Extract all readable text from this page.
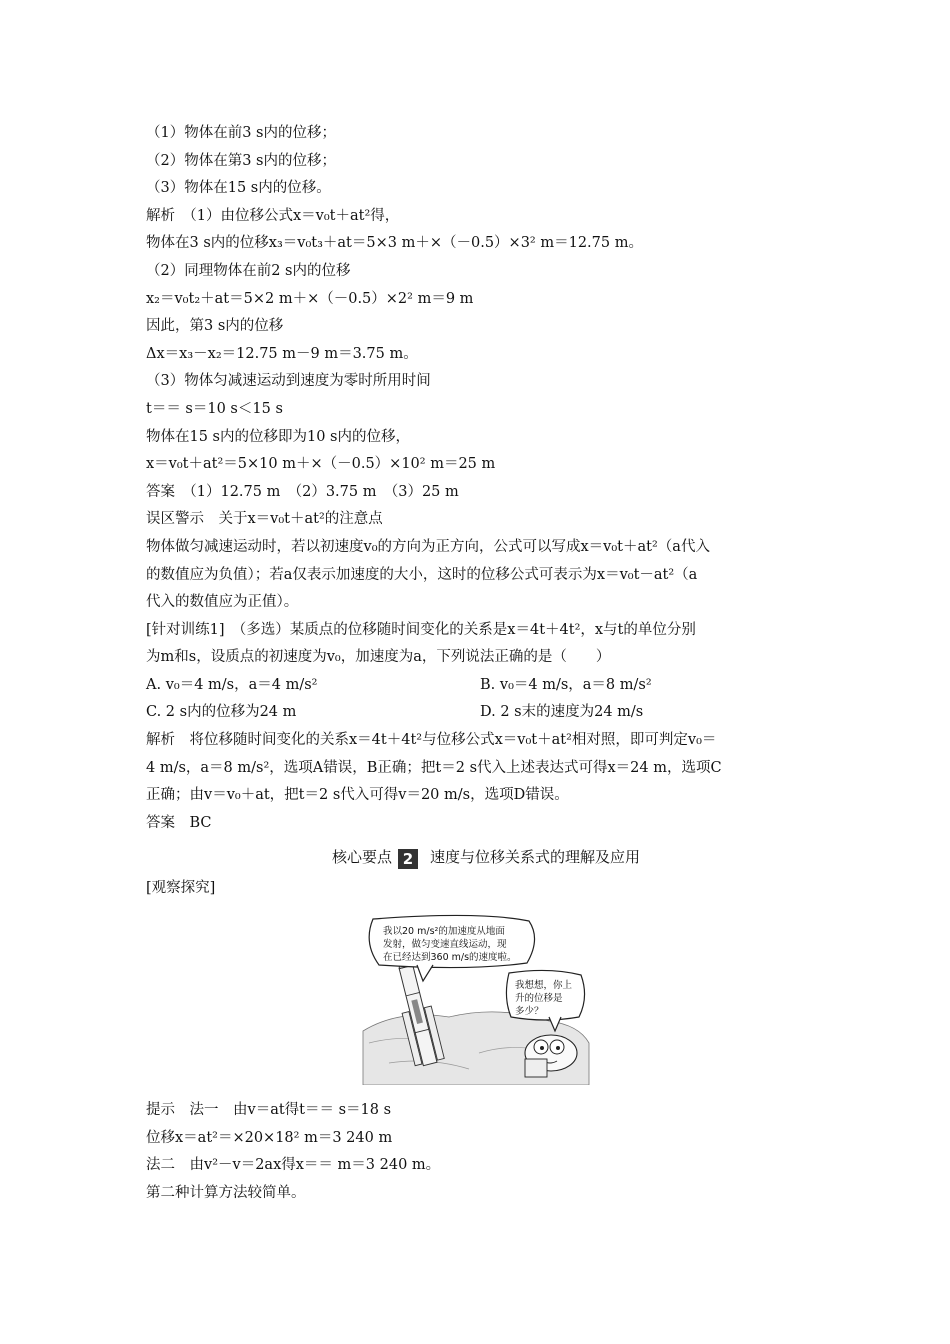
（1）物体在前3 s内的位移；
（2）物体在第3 s内的位移；
（3）物体在15 s内的位移。
解析　（1）由位移公式x＝v₀t＋at²得，
物体在3 s内的位移x₃＝v₀t₃＋at＝5×3 m＋×（－0.5）×3² m＝12.75 m。
（2）同理物体在前2 s内的位移
x₂＝v₀t₂＋at＝5×2 m＋×（－0.5）×2² m＝9 m
因此，第3 s内的位移
Δx＝x₃－x₂＝12.75 m－9 m＝3.75 m。
（3）物体匀减速运动到速度为零时所用时间
t＝＝ s＝10 s＜15 s
物体在15 s内的位移即为10 s内的位移，
x＝v₀t＋at²＝5×10 m＋×（－0.5）×10² m＝25 m
答案　（1）12.75 m　（2）3.75 m　（3）25 m
误区警示　关于x＝v₀t＋at²的注意点
物体做匀减速运动时，若以初速度v₀的方向为正方向，公式可以写成x＝v₀t＋at²（a代入
的数值应为负值）；若a仅表示加速度的大小，这时的位移公式可表示为x＝v₀t－at²（a
代入的数值应为正值）。
[针对训练1]　（多选）某质点的位移随时间变化的关系是x＝4t＋4t²，x与t的单位分别
为m和s，设质点的初速度为v₀，加速度为a，下列说法正确的是（　　）
A. v₀＝4 m/s，a＝4 m/s²	B. v₀＝4 m/s，a＝8 m/s²
C. 2 s内的位移为24 m	D. 2 s末的速度为24 m/s
解析　将位移随时间变化的关系x＝4t＋4t²与位移公式x＝v₀t＋at²相对照，即可判定v₀＝
4 m/s，a＝8 m/s²，选项A错误，B正确；把t＝2 s代入上述表达式可得x＝24 m，选项C
正确；由v＝v₀＋at，把t＝2 s代入可得v＝20 m/s，选项D错误。
答案　BC
核心要点 2 速度与位移关系式的理解及应用
[观察探究]
我以20 m/s²的加速度从地面
发射，做匀变速直线运动，现
在已经达到360 m/s的速度啦。
我想想，你上
升的位移是
多少？
提示　法一　由v＝at得t＝＝ s＝18 s
位移x＝at²＝×20×18² m＝3 240 m
法二　由v²－v＝2ax得x＝＝ m＝3 240 m。
第二种计算方法较简单。
